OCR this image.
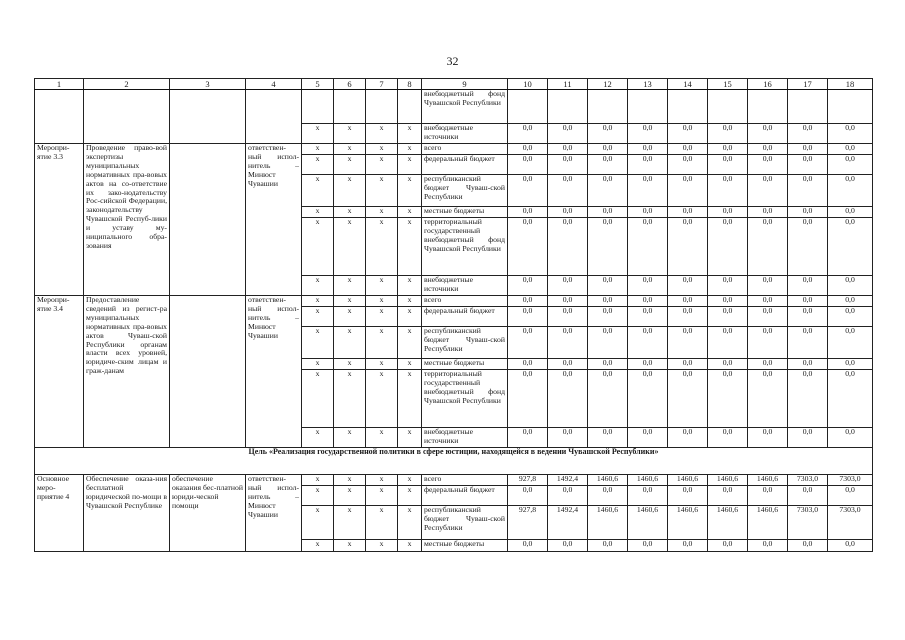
32
1	2	3	4	5	6	7	8	9	10	11	12	13	14	15	16	17	18
								внебюджетный фонд Чувашской Республики									
				x	x	x	x	внебюджетные источники	0,0	0,0	0,0	0,0	0,0	0,0	0,0	0,0	0,0
Меропри-ятие 3.3	Проведение право-вой экспертизы муниципальных нормативных пра-вовых актов на со-ответствие их зако-нодательству Рос-сийской Федерации, законодательству Чувашской Респуб-лики и уставу му-ниципального обра-зования		ответствен-ный испол-нитель – Минюст Чувашии	x	x	x	x	всего	0,0	0,0	0,0	0,0	0,0	0,0	0,0	0,0	0,0
				x	x	x	x	федеральный бюджет	0,0	0,0	0,0	0,0	0,0	0,0	0,0	0,0	0,0
				x	x	x	x	республиканский бюджет Чуваш-ской Республики	0,0	0,0	0,0	0,0	0,0	0,0	0,0	0,0	0,0
				x	x	x	x	местные бюджеты	0,0	0,0	0,0	0,0	0,0	0,0	0,0	0,0	0,0
				x	x	x	x	территориальный государственный внебюджетный фонд Чувашской Республики	0,0	0,0	0,0	0,0	0,0	0,0	0,0	0,0	0,0
				x	x	x	x	внебюджетные источники	0,0	0,0	0,0	0,0	0,0	0,0	0,0	0,0	0,0
Меропри-ятие 3.4	Предоставление сведений из регист-ра муниципальных нормативных пра-вовых актов Чуваш-ской Республики органам власти всех уровней, юридиче-ским лицам и граж-данам		ответствен-ный испол-нитель – Минюст Чувашии	x	x	x	x	всего	0,0	0,0	0,0	0,0	0,0	0,0	0,0	0,0	0,0
				x	x	x	x	федеральный бюджет	0,0	0,0	0,0	0,0	0,0	0,0	0,0	0,0	0,0
				x	x	x	x	республиканский бюджет Чуваш-ской Республики	0,0	0,0	0,0	0,0	0,0	0,0	0,0	0,0	0,0
				x	x	x	x	местные бюджеты	0,0	0,0	0,0	0,0	0,0	0,0	0,0	0,0	0,0
				x	x	x	x	территориальный государственный внебюджетный фонд Чувашской Республики	0,0	0,0	0,0	0,0	0,0	0,0	0,0	0,0	0,0
				x	x	x	x	внебюджетные источники	0,0	0,0	0,0	0,0	0,0	0,0	0,0	0,0	0,0
Цель «Реализация государственной политики в сфере юстиции, находящейся в ведении Чувашской Республики»																	
Основное меро-приятие 4	Обеспечение оказа-ния бесплатной юридической по-мощи в Чувашской Республике	обеспечение оказания бес-платной юриди-ческой помощи	ответствен-ный испол-нитель – Минюст Чувашии	x	x	x	x	всего	927,8	1492,4	1460,6	1460,6	1460,6	1460,6	1460,6	7303,0	7303,0
				x	x	x	x	федеральный бюджет	0,0	0,0	0,0	0,0	0,0	0,0	0,0	0,0	0,0
				x	x	x	x	республиканский бюджет Чуваш-ской Республики	927,8	1492,4	1460,6	1460,6	1460,6	1460,6	1460,6	7303,0	7303,0
				x	x	x	x	местные бюджеты	0,0	0,0	0,0	0,0	0,0	0,0	0,0	0,0	0,0
